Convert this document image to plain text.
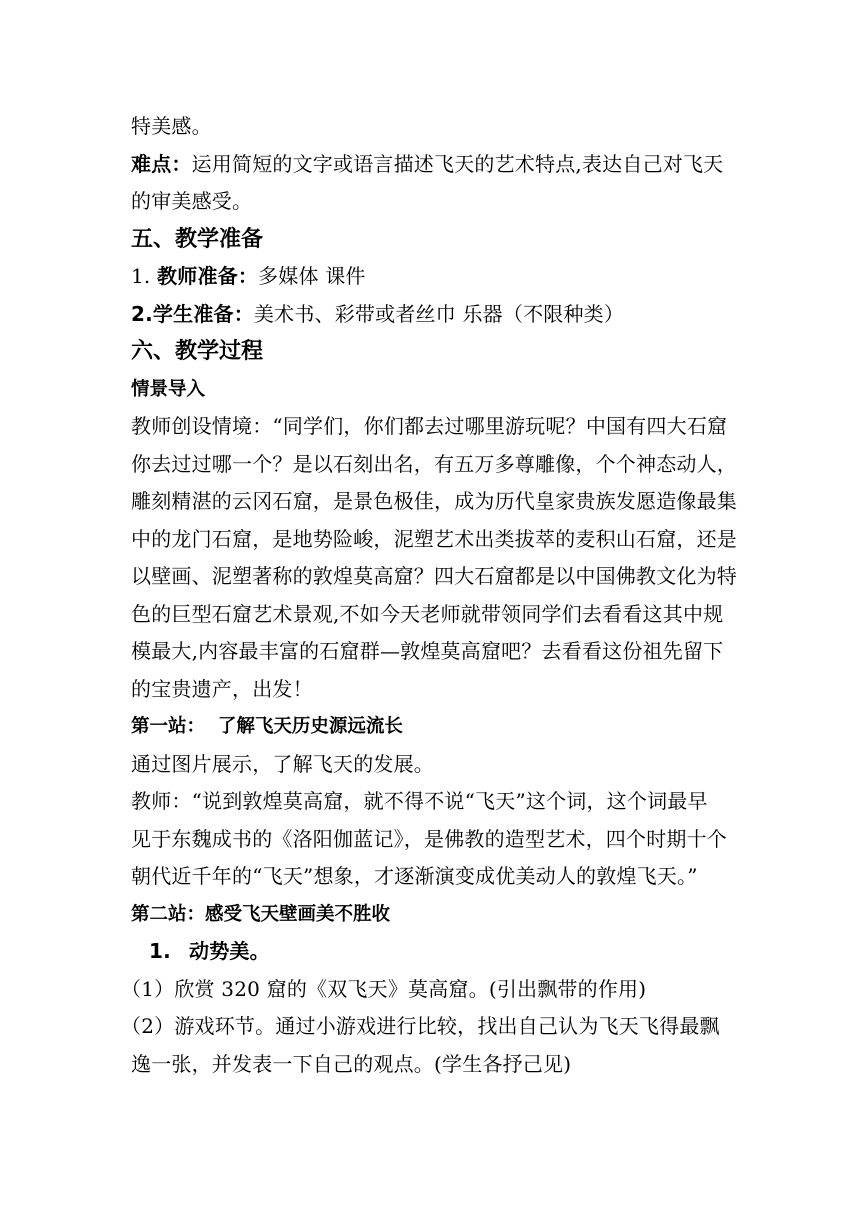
特美感。
难点：运用简短的文字或语言描述飞天的艺术特点,表达自己对飞天
的审美感受。
五、教学准备
1. 教师准备：多媒体 课件
2.学生准备：美术书、彩带或者丝巾 乐器（不限种类）
六、教学过程
情景导入
教师创设情境：“同学们，你们都去过哪里游玩呢？中国有四大石窟
你去过过哪一个？是以石刻出名，有五万多尊雕像，个个神态动人，
雕刻精湛的云冈石窟，是景色极佳，成为历代皇家贵族发愿造像最集
中的龙门石窟，是地势险峻，泥塑艺术出类拔萃的麦积山石窟，还是
以壁画、泥塑著称的敦煌莫高窟？四大石窟都是以中国佛教文化为特
色的巨型石窟艺术景观,不如今天老师就带领同学们去看看这其中规
模最大,内容最丰富的石窟群—敦煌莫高窟吧？去看看这份祖先留下
的宝贵遗产，出发！
第一站：  了解飞天历史源远流长
通过图片展示，了解飞天的发展。
教师：“说到敦煌莫高窟，就不得不说“飞天”这个词，这个词最早
见于东魏成书的《洛阳伽蓝记》，是佛教的造型艺术，四个时期十个
朝代近千年的“飞天”想象，才逐渐演变成优美动人的敦煌飞天。”
第二站：感受飞天壁画美不胜收
1. 动势美。
（1）欣赏 320 窟的《双飞天》莫高窟。(引出飘带的作用)
（2）游戏环节。通过小游戏进行比较，找出自己认为飞天飞得最飘
逸一张，并发表一下自己的观点。(学生各抒己见)
